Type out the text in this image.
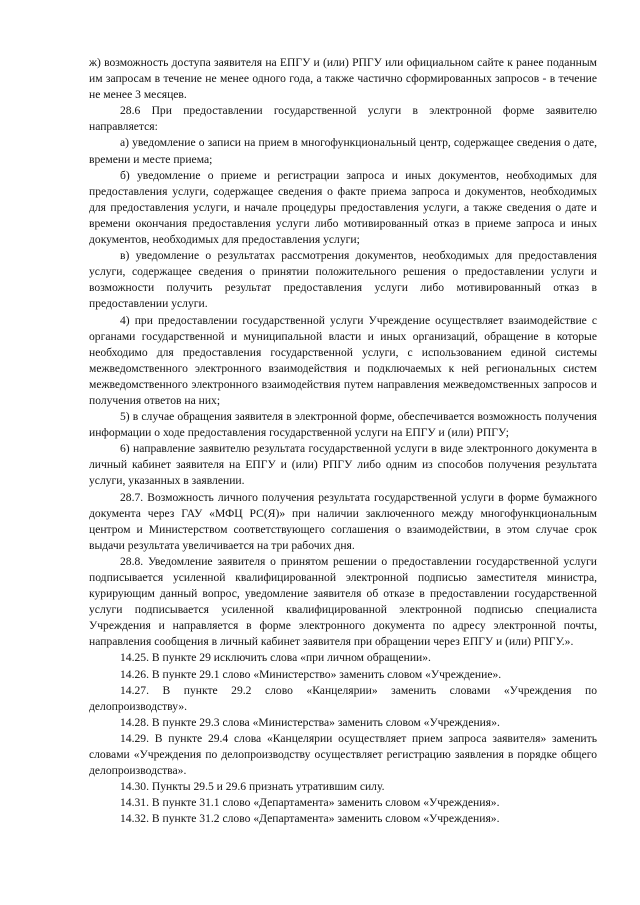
ж) возможность доступа заявителя на ЕПГУ и (или) РПГУ или официальном сайте к ранее поданным им запросам в течение не менее одного года, а также частично сформированных запросов - в течение не менее 3 месяцев.

28.6 При предоставлении государственной услуги в электронной форме заявителю направляется:

а) уведомление о записи на прием в многофункциональный центр, содержащее сведения о дате, времени и месте приема;

б) уведомление о приеме и регистрации запроса и иных документов, необходимых для предоставления услуги, содержащее сведения о факте приема запроса и документов, необходимых для предоставления услуги, и начале процедуры предоставления услуги, а также сведения о дате и времени окончания предоставления услуги либо мотивированный отказ в приеме запроса и иных документов, необходимых для предоставления услуги;

в) уведомление о результатах рассмотрения документов, необходимых для предоставления услуги, содержащее сведения о принятии положительного решения о предоставлении услуги и возможности получить результат предоставления услуги либо мотивированный отказ в предоставлении услуги.

4) при предоставлении государственной услуги Учреждение осуществляет взаимодействие с органами государственной и муниципальной власти и иных организаций, обращение в которые необходимо для предоставления государственной услуги, с использованием единой системы межведомственного электронного взаимодействия и подключаемых к ней региональных систем межведомственного электронного взаимодействия путем направления межведомственных запросов и получения ответов на них;

5) в случае обращения заявителя в электронной форме, обеспечивается возможность получения информации о ходе предоставления государственной услуги на ЕПГУ и (или) РПГУ;

6) направление заявителю результата государственной услуги в виде электронного документа в личный кабинет заявителя на ЕПГУ и (или) РПГУ либо одним из способов получения результата услуги, указанных в заявлении.

28.7. Возможность личного получения результата государственной услуги в форме бумажного документа через ГАУ «МФЦ РС(Я)» при наличии заключенного между многофункциональным центром и Министерством соответствующего соглашения о взаимодействии, в этом случае срок выдачи результата увеличивается на три рабочих дня.

28.8. Уведомление заявителя о принятом решении о предоставлении государственной услуги подписывается усиленной квалифицированной электронной подписью заместителя министра, курирующим данный вопрос, уведомление заявителя об отказе в предоставлении государственной услуги подписывается усиленной квалифицированной электронной подписью специалиста Учреждения и направляется в форме электронного документа по адресу электронной почты, направления сообщения в личный кабинет заявителя при обращении через ЕПГУ и (или) РПГУ.».

14.25. В пункте 29 исключить слова «при личном обращении».

14.26. В пункте 29.1 слово «Министерство» заменить словом «Учреждение».

14.27. В пункте 29.2 слово «Канцелярии» заменить словами «Учреждения по делопроизводству».

14.28. В пункте 29.3 слова «Министерства» заменить словом «Учреждения».

14.29. В пункте 29.4 слова «Канцелярии осуществляет прием запроса заявителя» заменить словами «Учреждения по делопроизводству осуществляет регистрацию заявления в порядке общего делопроизводства».

14.30. Пункты 29.5 и 29.6 признать утратившим силу.

14.31. В пункте 31.1 слово «Департамента» заменить словом «Учреждения».

14.32. В пункте 31.2 слово «Департамента» заменить словом «Учреждения».
